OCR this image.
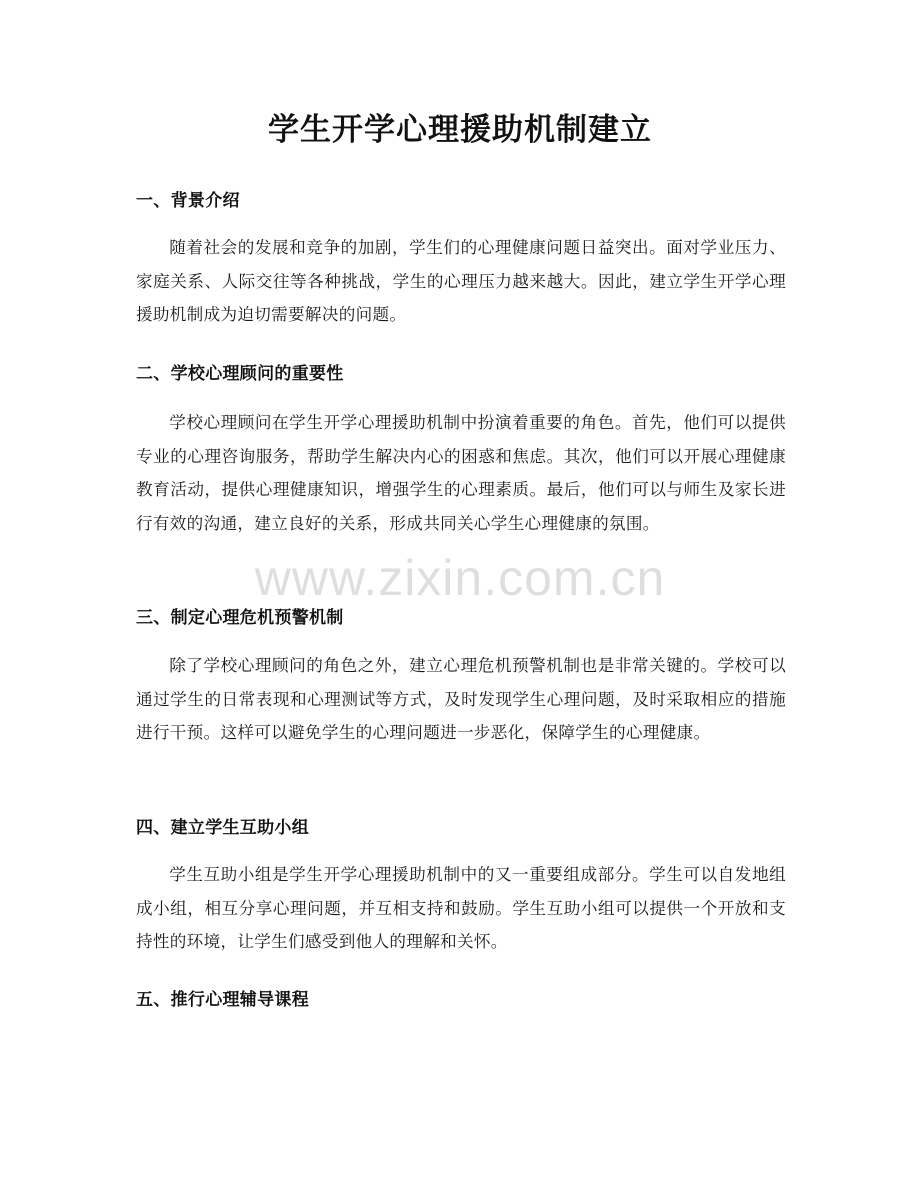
学生开学心理援助机制建立
一、背景介绍

随着社会的发展和竞争的加剧，学生们的心理健康问题日益突出。面对学业压力、家庭关系、人际交往等各种挑战，学生的心理压力越来越大。因此，建立学生开学心理援助机制成为迫切需要解决的问题。

二、学校心理顾问的重要性

学校心理顾问在学生开学心理援助机制中扮演着重要的角色。首先，他们可以提供专业的心理咨询服务，帮助学生解决内心的困惑和焦虑。其次，他们可以开展心理健康教育活动，提供心理健康知识，增强学生的心理素质。最后，他们可以与师生及家长进行有效的沟通，建立良好的关系，形成共同关心学生心理健康的氛围。

三、制定心理危机预警机制

除了学校心理顾问的角色之外，建立心理危机预警机制也是非常关键的。学校可以通过学生的日常表现和心理测试等方式，及时发现学生心理问题，及时采取相应的措施进行干预。这样可以避免学生的心理问题进一步恶化，保障学生的心理健康。

四、建立学生互助小组

学生互助小组是学生开学心理援助机制中的又一重要组成部分。学生可以自发地组成小组，相互分享心理问题，并互相支持和鼓励。学生互助小组可以提供一个开放和支持性的环境，让学生们感受到他人的理解和关怀。

五、推行心理辅导课程
www.zixin.com.cn
